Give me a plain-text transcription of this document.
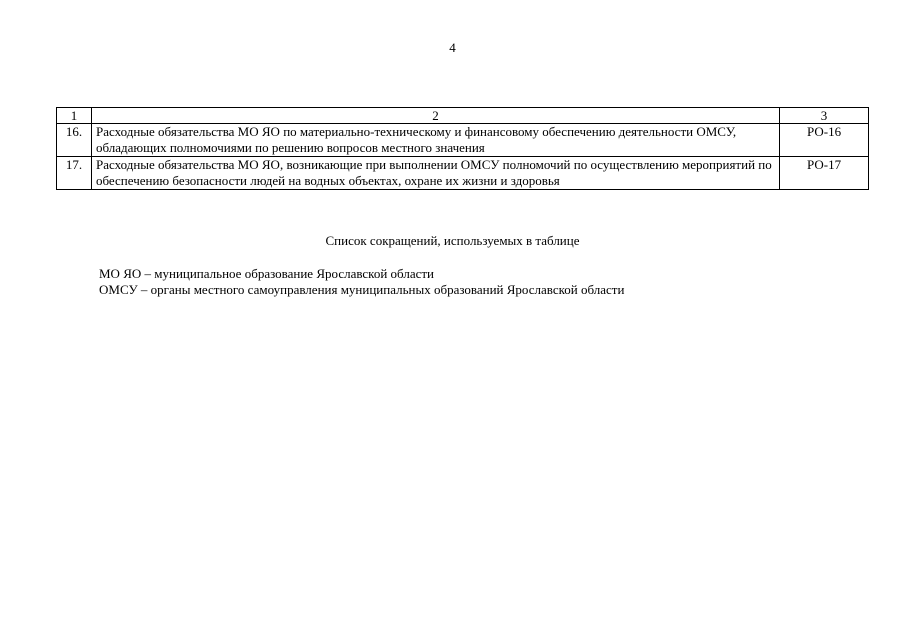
4
1	2	3
16.	Расходные обязательства МО ЯО по материально-техническому и финансовому обеспечению деятельности ОМСУ, обладающих полномочиями по решению вопросов местного значения	РО-16
17.	Расходные обязательства МО ЯО, возникающие при выполнении ОМСУ полномочий по осуществлению мероприятий по обеспечению безопасности людей на водных объектах, охране их жизни и здоровья	РО-17
Список сокращений, используемых в таблице
МО ЯО – муниципальное образование Ярославской области
ОМСУ – органы местного самоуправления муниципальных образований Ярославской области
